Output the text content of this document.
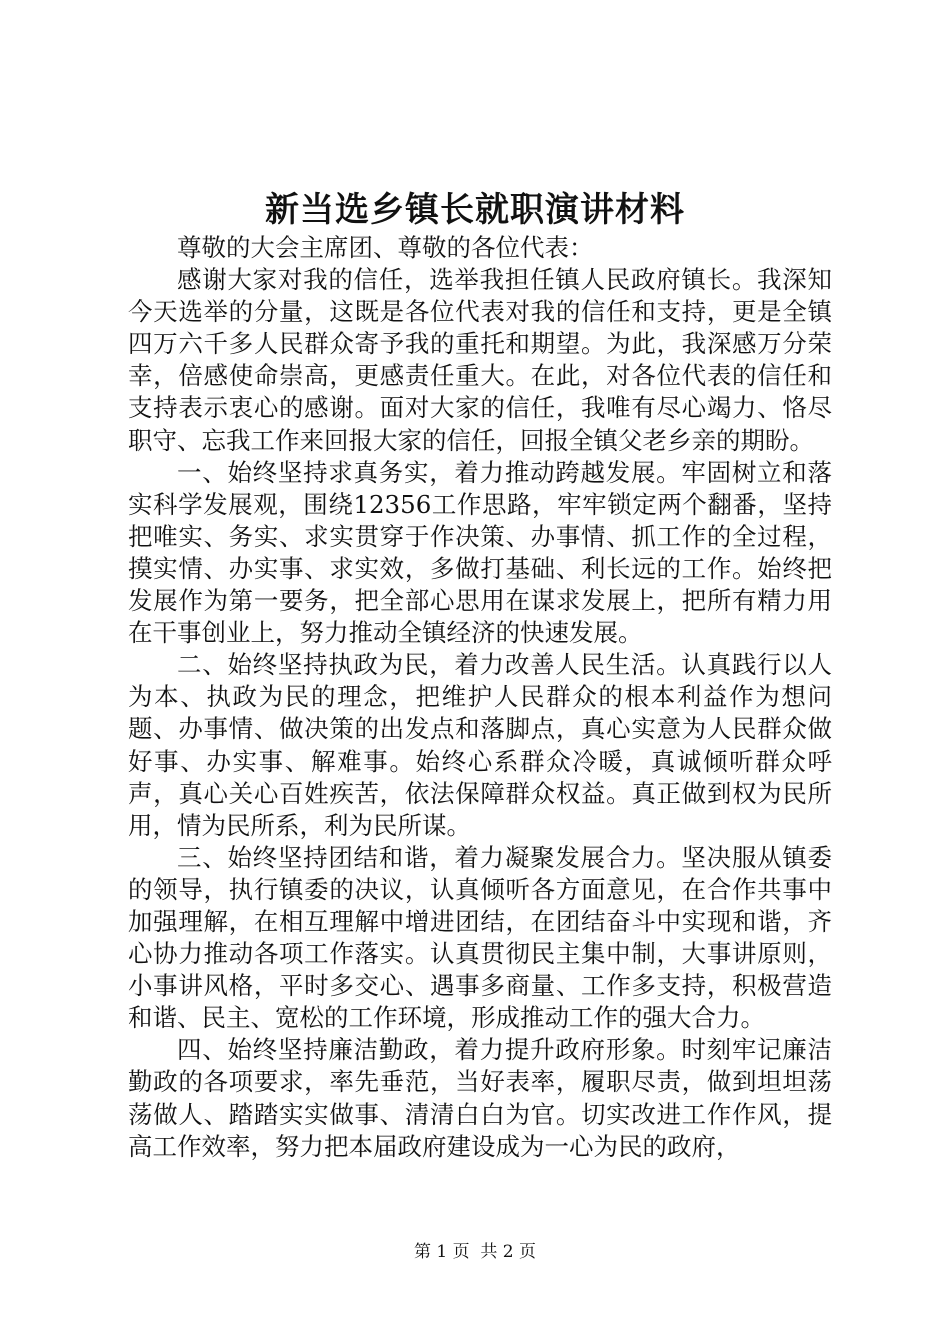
新当选乡镇长就职演讲材料

尊敬的大会主席团、尊敬的各位代表：

感谢大家对我的信任，选举我担任镇人民政府镇长。我深知今天选举的分量，这既是各位代表对我的信任和支持，更是全镇四万六千多人民群众寄予我的重托和期望。为此，我深感万分荣幸，倍感使命崇高，更感责任重大。在此，对各位代表的信任和支持表示衷心的感谢。面对大家的信任，我唯有尽心竭力、恪尽职守、忘我工作来回报大家的信任，回报全镇父老乡亲的期盼。

一、始终坚持求真务实，着力推动跨越发展。牢固树立和落实科学发展观，围绕12356工作思路，牢牢锁定两个翻番，坚持把唯实、务实、求实贯穿于作决策、办事情、抓工作的全过程，摸实情、办实事、求实效，多做打基础、利长远的工作。始终把发展作为第一要务，把全部心思用在谋求发展上，把所有精力用在干事创业上，努力推动全镇经济的快速发展。

二、始终坚持执政为民，着力改善人民生活。认真践行以人为本、执政为民的理念，把维护人民群众的根本利益作为想问题、办事情、做决策的出发点和落脚点，真心实意为人民群众做好事、办实事、解难事。始终心系群众冷暖，真诚倾听群众呼声，真心关心百姓疾苦，依法保障群众权益。真正做到权为民所用，情为民所系，利为民所谋。

三、始终坚持团结和谐，着力凝聚发展合力。坚决服从镇委的领导，执行镇委的决议，认真倾听各方面意见，在合作共事中加强理解，在相互理解中增进团结，在团结奋斗中实现和谐，齐心协力推动各项工作落实。认真贯彻民主集中制，大事讲原则，小事讲风格，平时多交心、遇事多商量、工作多支持，积极营造和谐、民主、宽松的工作环境，形成推动工作的强大合力。

四、始终坚持廉洁勤政，着力提升政府形象。时刻牢记廉洁勤政的各项要求，率先垂范，当好表率，履职尽责，做到坦坦荡荡做人、踏踏实实做事、清清白白为官。切实改进工作作风，提高工作效率，努力把本届政府建设成为一心为民的政府，

第 1 页  共 2 页
